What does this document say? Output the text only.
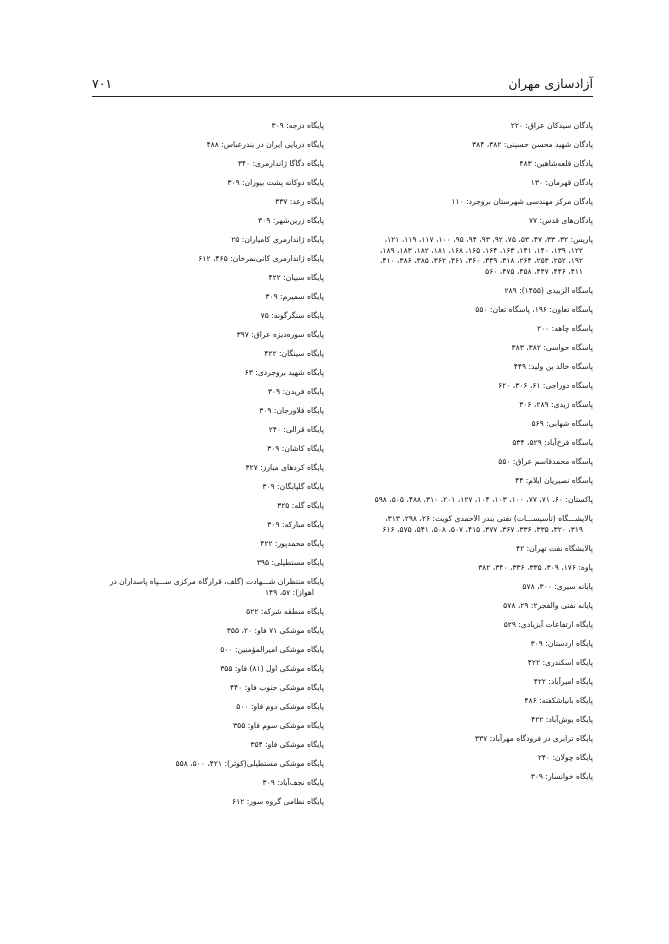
آزادسازی مهران
۷۰۱
پادگان سیدکان عراق: ۲۲۰
پادگان شهید محسن حسینی: ۳۸۲، ۳۸۴
پادگان قلعه‌شاهین: ۴۸۳
پادگان قهرمان: ۱۳۰
پادگان مرکز مهندسی شهرستان بروجرد: ۱۱۰
پادگان‌های قدس: ۷۷
پاریس: ۳۲، ۳۳، ۴۷، ۵۳، ۷۵، ۹۲، ۹۳، ۹۴، ۹۵، ۱۰۰، ۱۱۷، ۱۱۹، ۱۲۱،
۱۲۲، ۱۳۹، ۱۴۰، ۱۴۱، ۱۶۳، ۱۶۴، ۱۶۵، ۱۶۸، ۱۸۱، ۱۸۲، ۱۸۳، ۱۸۹،
۱۹۲، ۲۵۲، ۲۵۳، ۲۶۴، ۳۱۸، ۳۴۹، ۳۶۰، ۳۶۱، ۳۶۲، ۳۸۵، ۳۸۶، ۴۱۰،
۴۱۱، ۴۴۶، ۴۴۷، ۴۵۸، ۴۷۵، ۵۶۰
پاسگاه الزبیدی (۱۴۵۵): ۲۸۹
پاسگاه تعاون: ۱۹۶، پاسگاه تعان: ۵۵۰
پاسگاه چاهه: ۲۰۰
پاسگاه حواسی: ۳۸۲، ۳۸۳
پاسگاه خالد بن ولید: ۴۴۹
پاسگاه دوراجی: ۶۱، ۳۰۶، ۶۲۰
پاسگاه زیدی: ۲۸۹، ۳۰۶
پاسگاه شهابی: ۵۶۹
پاسگاه فرخ‌آباد: ۵۲۹، ۵۳۴
پاسگاه محمدقاسم عراق: ۵۵۰
پاسگاه نصیریان ایلام: ۴۴
پاکستان: ۶۰، ۷۱، ۷۷، ۱۰۰، ۱۰۳، ۱۰۴، ۱۲۷، ۲۰۱، ۳۱۰، ۴۸۸، ۵۰۵، ۵۹۸
پالایشـــگاه (تأسیســـات) نفتی بندر الاحمدی کویت: ۲۶، ۲۹۸، ۳۱۳،
۳۱۹، ۳۲۰، ۳۳۵، ۳۳۶، ۳۶۷، ۳۷۷، ۴۱۵، ۵۰۷، ۵۰۸، ۵۴۱، ۵۷۵، ۶۱۶
پالایشگاه نفت تهران: ۴۲
پاوه: ۱۷۶، ۳۰۹، ۳۳۵، ۳۳۶، ۳۴۰، ۳۸۲
پایانه سیری: ۳۰۰، ۵۷۸
پایانه نفتی والفجر۲: ۲۹، ۵۷۸
پایگاه ارتفاعات آبزیادی: ۵۲۹
پایگاه اردستان: ۳۰۹
پایگاه اسکندری: ۴۲۲
پایگاه امیرآباد: ۴۲۲
پایگاه بانیاشکفته: ۴۸۶
پایگاه بوش‌آباد: ۴۲۲
پایگاه ترابری در فرودگاه مهرآباد: ۳۳۷
پایگاه چولان: ۲۴۰
پایگاه خوانسار: ۳۰۹
پایگاه درجه: ۳۰۹
پایگاه دریایی ایران در بندرعباس: ۴۸۸
پایگاه دگاگا ژاندارمری: ۳۴۰
پایگاه دوکانه پشت بیوران: ۳۰۹
پایگاه رعد: ۳۳۷
پایگاه زرین‌شهر: ۳۰۹
پایگاه ژاندارمری کامیاران: ۲۵
پایگاه ژاندارمری کانی‌نمرخان: ۴۶۵، ۶۱۲
پایگاه سبیان: ۴۲۲
پایگاه سمیرم: ۳۰۹
پایگاه سنگرگونه: ۷۵
پایگاه سوره‌دیزه عراق: ۳۹۷
پایگاه سینگان: ۴۲۲
پایگاه شهید بروجردی: ۶۳
پایگاه فریدن: ۳۰۹
پایگاه فلاورجان: ۳۰۹
پایگاه قرالی: ۲۴۰
پایگاه کاشان: ۳۰۹
پایگاه کردهای مبارز: ۳۲۷
پایگاه گلپایگان: ۳۰۹
پایگاه گله: ۳۲۵
پایگاه مبارکه: ۳۰۹
پایگاه محمدپور: ۴۲۲
پایگاه مستطیلی: ۳۹۵
پایگاه منتظران شـــهادت (گلف، قرارگاه مرکزی ســـپاه پاسداران در
اهواز): ۵۷، ۱۴۹
پایگاه منطقه شرکه: ۵۲۲
پایگاه موشکی ۷۱ فاو: ۲۰، ۳۵۵
پایگاه موشکی امیرالمؤمنین: ۵۰۰
پایگاه موشکی اول (۸۱) فاو: ۳۵۵
پایگاه موشکی جنوب فاو: ۴۴۰
پایگاه موشکی دوم فاو: ۵۰۰
پایگاه موشکی سوم فاو: ۳۵۵
پایگاه موشکی فاو: ۳۵۴
پایگاه موشکی مستطیلی(کوثر): ۴۲۱، ۵۰۰، ۵۵۸
پایگاه نجف‌آباد: ۳۰۹
پایگاه نظامی گروه سور: ۶۱۲
